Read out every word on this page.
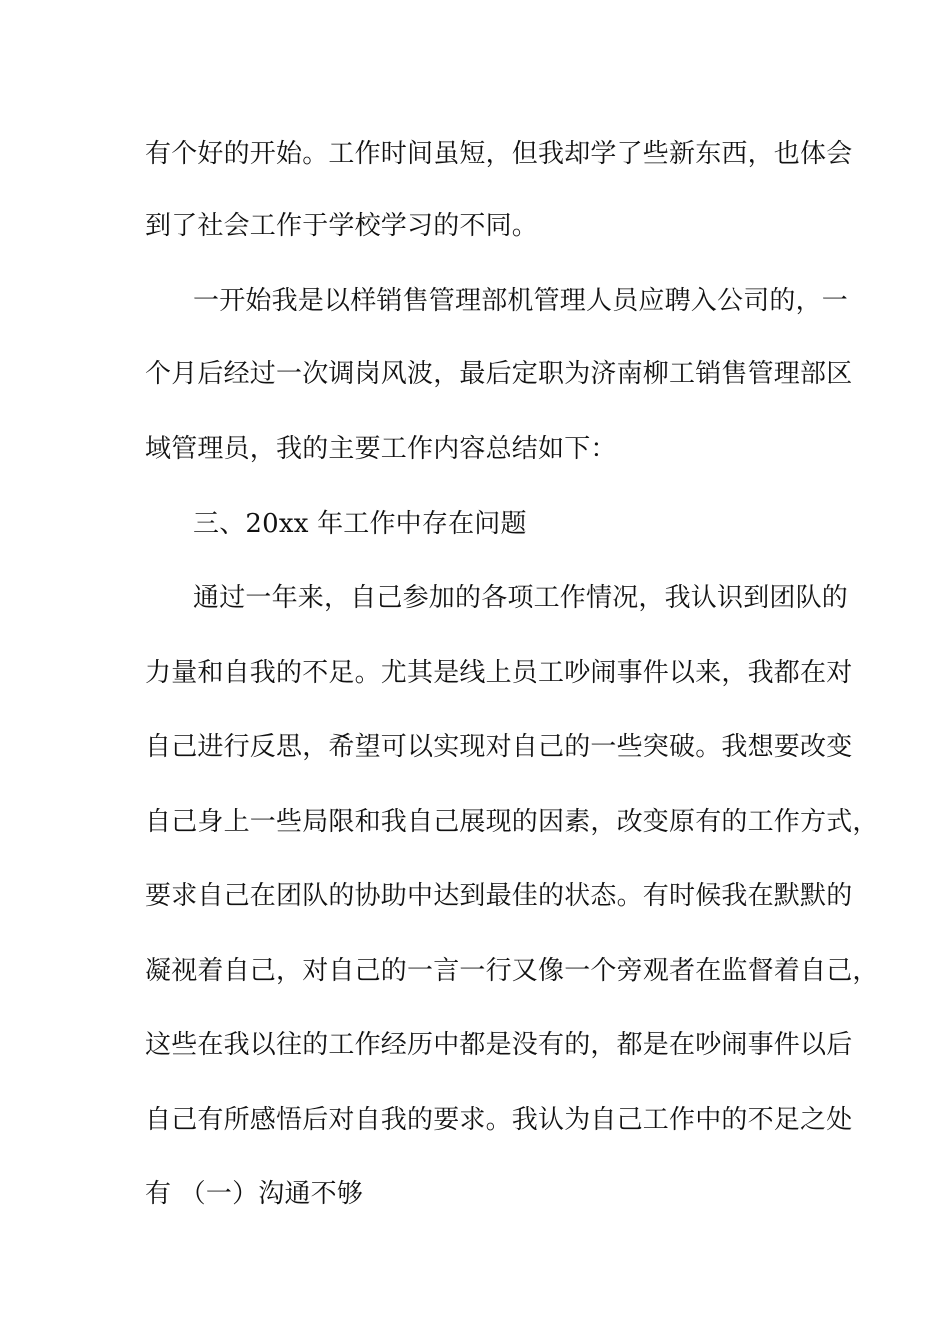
有个好的开始。工作时间虽短，但我却学了些新东西，也体会

到了社会工作于学校学习的不同。

一开始我是以样销售管理部机管理人员应聘入公司的，一

个月后经过一次调岗风波，最后定职为济南柳工销售管理部区

域管理员，我的主要工作内容总结如下：

三、20xx 年工作中存在问题

通过一年来，自己参加的各项工作情况，我认识到团队的

力量和自我的不足。尤其是线上员工吵闹事件以来，我都在对

自己进行反思，希望可以实现对自己的一些突破。我想要改变

自己身上一些局限和我自己展现的因素，改变原有的工作方式，

要求自己在团队的协助中达到最佳的状态。有时候我在默默的

凝视着自己，对自己的一言一行又像一个旁观者在监督着自己，

这些在我以往的工作经历中都是没有的，都是在吵闹事件以后

自己有所感悟后对自我的要求。我认为自己工作中的不足之处

有 （一）沟通不够
